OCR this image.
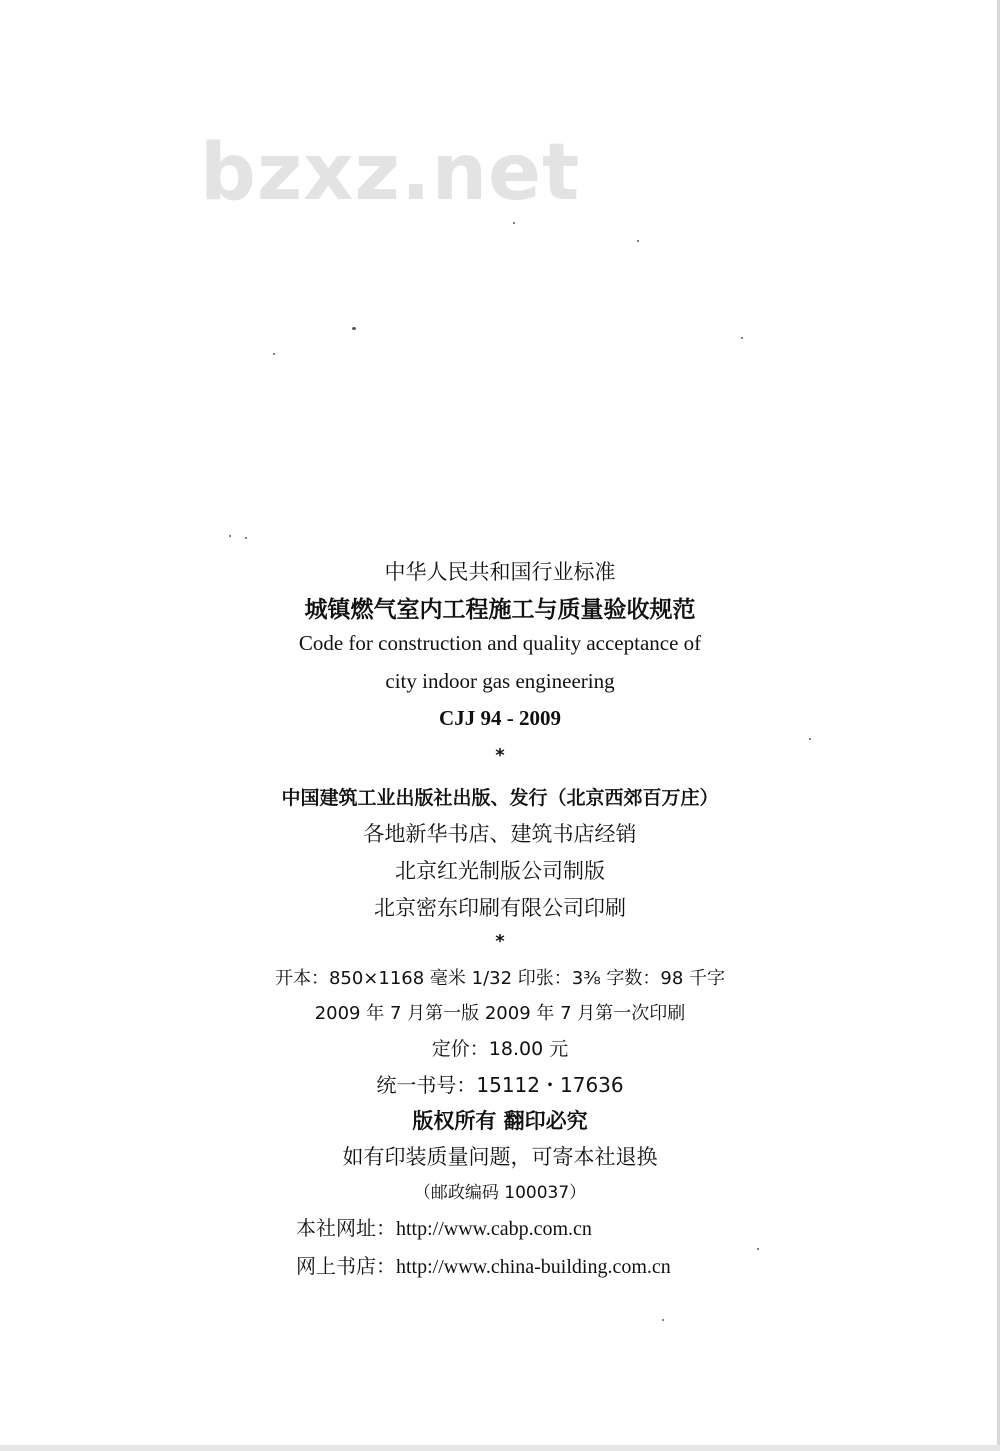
bzxz.net
中华人民共和国行业标准
城镇燃气室内工程施工与质量验收规范
Code for construction and quality acceptance of
city indoor gas engineering
CJJ 94 - 2009
*
中国建筑工业出版社出版、发行（北京西郊百万庄）
各地新华书店、建筑书店经销
北京红光制版公司制版
北京密东印刷有限公司印刷
*
开本：850×1168 毫米 1/32 印张：3⅜ 字数：98 千字
2009 年 7 月第一版 2009 年 7 月第一次印刷
定价：18.00 元
统一书号：15112・17636
版权所有 翻印必究
如有印装质量问题，可寄本社退换
（邮政编码 100037）
本社网址：http://www.cabp.com.cn
网上书店：http://www.china-building.com.cn
